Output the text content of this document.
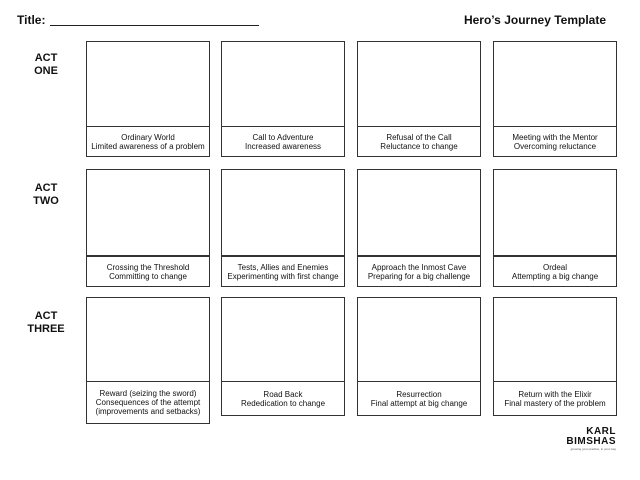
Title:	Hero’s Journey Template
ACT
ONE
Ordinary World
Limited awareness of a problem
Call to Adventure
Increased awareness
Refusal of the Call
Reluctance to change
Meeting with the Mentor
Overcoming reluctance
ACT
TWO
Crossing the Threshold
Committing to change
Tests, Allies and Enemies
Experimenting with first change
Approach the Inmost Cave
Preparing for a big challenge
Ordeal
Attempting a big change
ACT
THREE
Reward (seizing the sword)
Consequences of the attempt
(improvements and setbacks)
Road Back
Rededication to change
Resurrection
Final attempt at big change
Return with the Elixir
Final mastery of the problem
KARL
BIMSHAS
growing your practice, in your way
